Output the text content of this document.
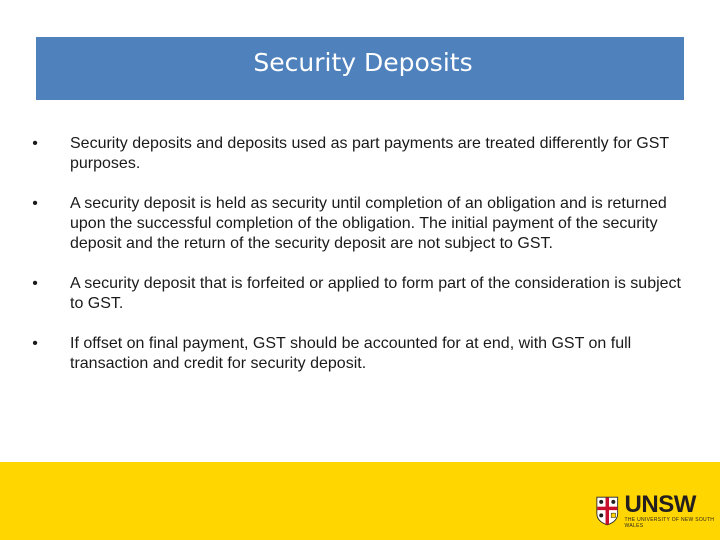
Security Deposits
• Security deposits and deposits used as part payments are treated differently for GST purposes.
• A security deposit is held as security until completion of an obligation and is returned upon the successful completion of the obligation. The initial payment of the security deposit and the return of the security deposit are not subject to GST.
• A security deposit that is forfeited or applied to form part of the consideration is subject to GST.
• If offset on final payment, GST should be accounted for at end, with GST on full transaction and credit for security deposit.
UNSW
THE UNIVERSITY OF NEW SOUTH WALES
